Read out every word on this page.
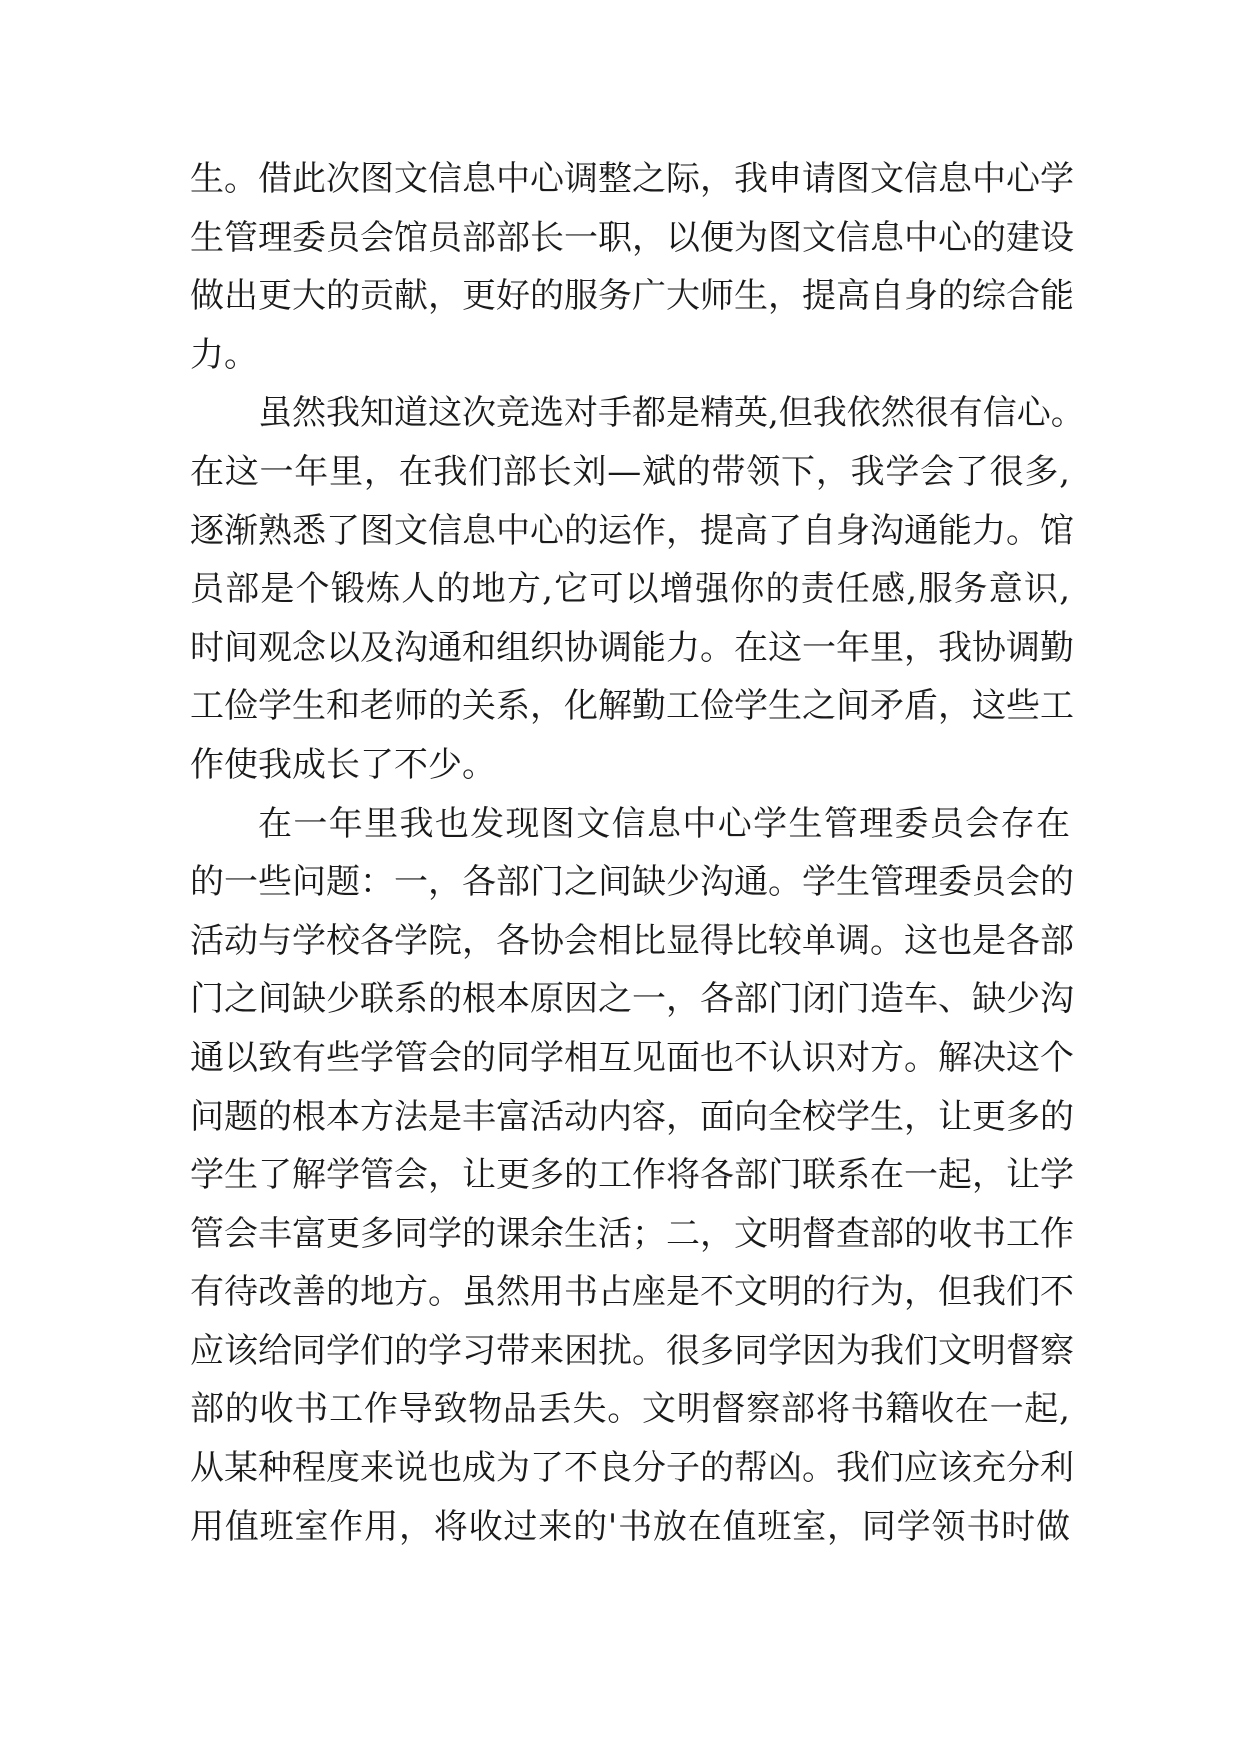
生。借此次图文信息中心调整之际，我申请图文信息中心学
生管理委员会馆员部部长一职，以便为图文信息中心的建设
做出更大的贡献，更好的服务广大师生，提高自身的综合能
力。
虽然我知道这次竞选对手都是精英,但我依然很有信心。
在这一年里，在我们部长刘—斌的带领下，我学会了很多,
逐渐熟悉了图文信息中心的运作，提高了自身沟通能力。馆
员部是个锻炼人的地方,它可以增强你的责任感,服务意识,
时间观念以及沟通和组织协调能力。在这一年里，我协调勤
工俭学生和老师的关系，化解勤工俭学生之间矛盾，这些工
作使我成长了不少。
在一年里我也发现图文信息中心学生管理委员会存在
的一些问题：一，各部门之间缺少沟通。学生管理委员会的
活动与学校各学院，各协会相比显得比较单调。这也是各部
门之间缺少联系的根本原因之一，各部门闭门造车、缺少沟
通以致有些学管会的同学相互见面也不认识对方。解决这个
问题的根本方法是丰富活动内容，面向全校学生，让更多的
学生了解学管会，让更多的工作将各部门联系在一起，让学
管会丰富更多同学的课余生活；二，文明督查部的收书工作
有待改善的地方。虽然用书占座是不文明的行为，但我们不
应该给同学们的学习带来困扰。很多同学因为我们文明督察
部的收书工作导致物品丢失。文明督察部将书籍收在一起,
从某种程度来说也成为了不良分子的帮凶。我们应该充分利
用值班室作用，将收过来的'书放在值班室，同学领书时做
